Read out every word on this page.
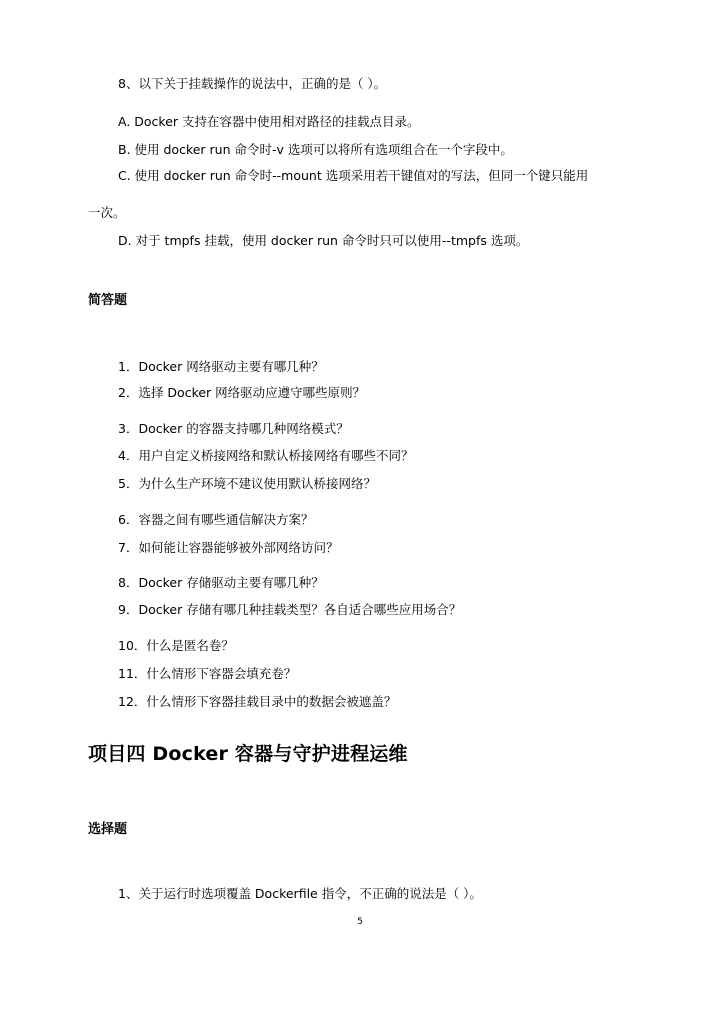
8、以下关于挂载操作的说法中，正确的是（ ）。
A. Docker 支持在容器中使用相对路径的挂载点目录。
B. 使用 docker run 命令时-v 选项可以将所有选项组合在一个字段中。
C. 使用 docker run 命令时--mount 选项采用若干键值对的写法，但同一个键只能用
一次。
D. 对于 tmpfs 挂载，使用 docker run 命令时只可以使用--tmpfs 选项。
简答题
1．Docker 网络驱动主要有哪几种？
2．选择 Docker 网络驱动应遵守哪些原则？
3．Docker 的容器支持哪几种网络模式？
4．用户自定义桥接网络和默认桥接网络有哪些不同？
5．为什么生产环境不建议使用默认桥接网络？
6．容器之间有哪些通信解决方案？
7．如何能让容器能够被外部网络访问？
8．Docker 存储驱动主要有哪几种？
9．Docker 存储有哪几种挂载类型？各自适合哪些应用场合？
10．什么是匿名卷？
11．什么情形下容器会填充卷？
12．什么情形下容器挂载目录中的数据会被遮盖？
项目四 Docker 容器与守护进程运维
选择题
1、关于运行时选项覆盖 Dockerfile 指令，不正确的说法是（ ）。
5
